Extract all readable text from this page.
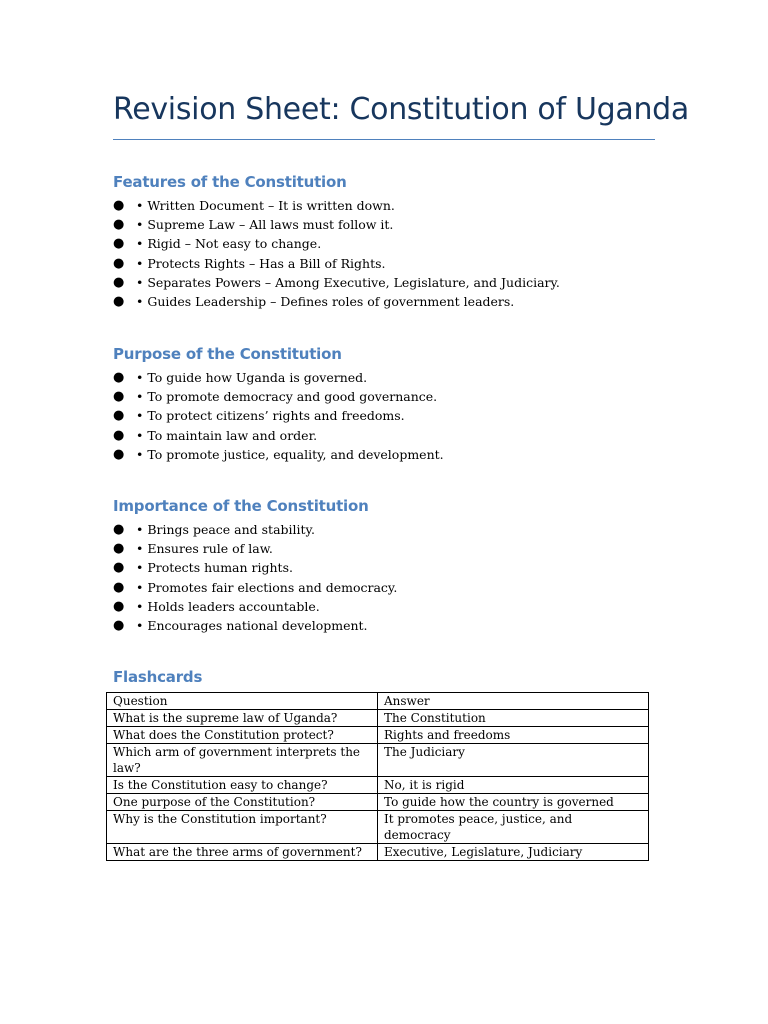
Revision Sheet: Constitution of Uganda
Features of the Constitution
● • Written Document – It is written down.
● • Supreme Law – All laws must follow it.
● • Rigid – Not easy to change.
● • Protects Rights – Has a Bill of Rights.
● • Separates Powers – Among Executive, Legislature, and Judiciary.
● • Guides Leadership – Defines roles of government leaders.
Purpose of the Constitution
● • To guide how Uganda is governed.
● • To promote democracy and good governance.
● • To protect citizens’ rights and freedoms.
● • To maintain law and order.
● • To promote justice, equality, and development.
Importance of the Constitution
● • Brings peace and stability.
● • Ensures rule of law.
● • Protects human rights.
● • Promotes fair elections and democracy.
● • Holds leaders accountable.
● • Encourages national development.
Flashcards
Question	Answer
What is the supreme law of Uganda?	The Constitution
What does the Constitution protect?	Rights and freedoms
Which arm of government interprets the law?	The Judiciary
Is the Constitution easy to change?	No, it is rigid
One purpose of the Constitution?	To guide how the country is governed
Why is the Constitution important?	It promotes peace, justice, and democracy
What are the three arms of government?	Executive, Legislature, Judiciary
